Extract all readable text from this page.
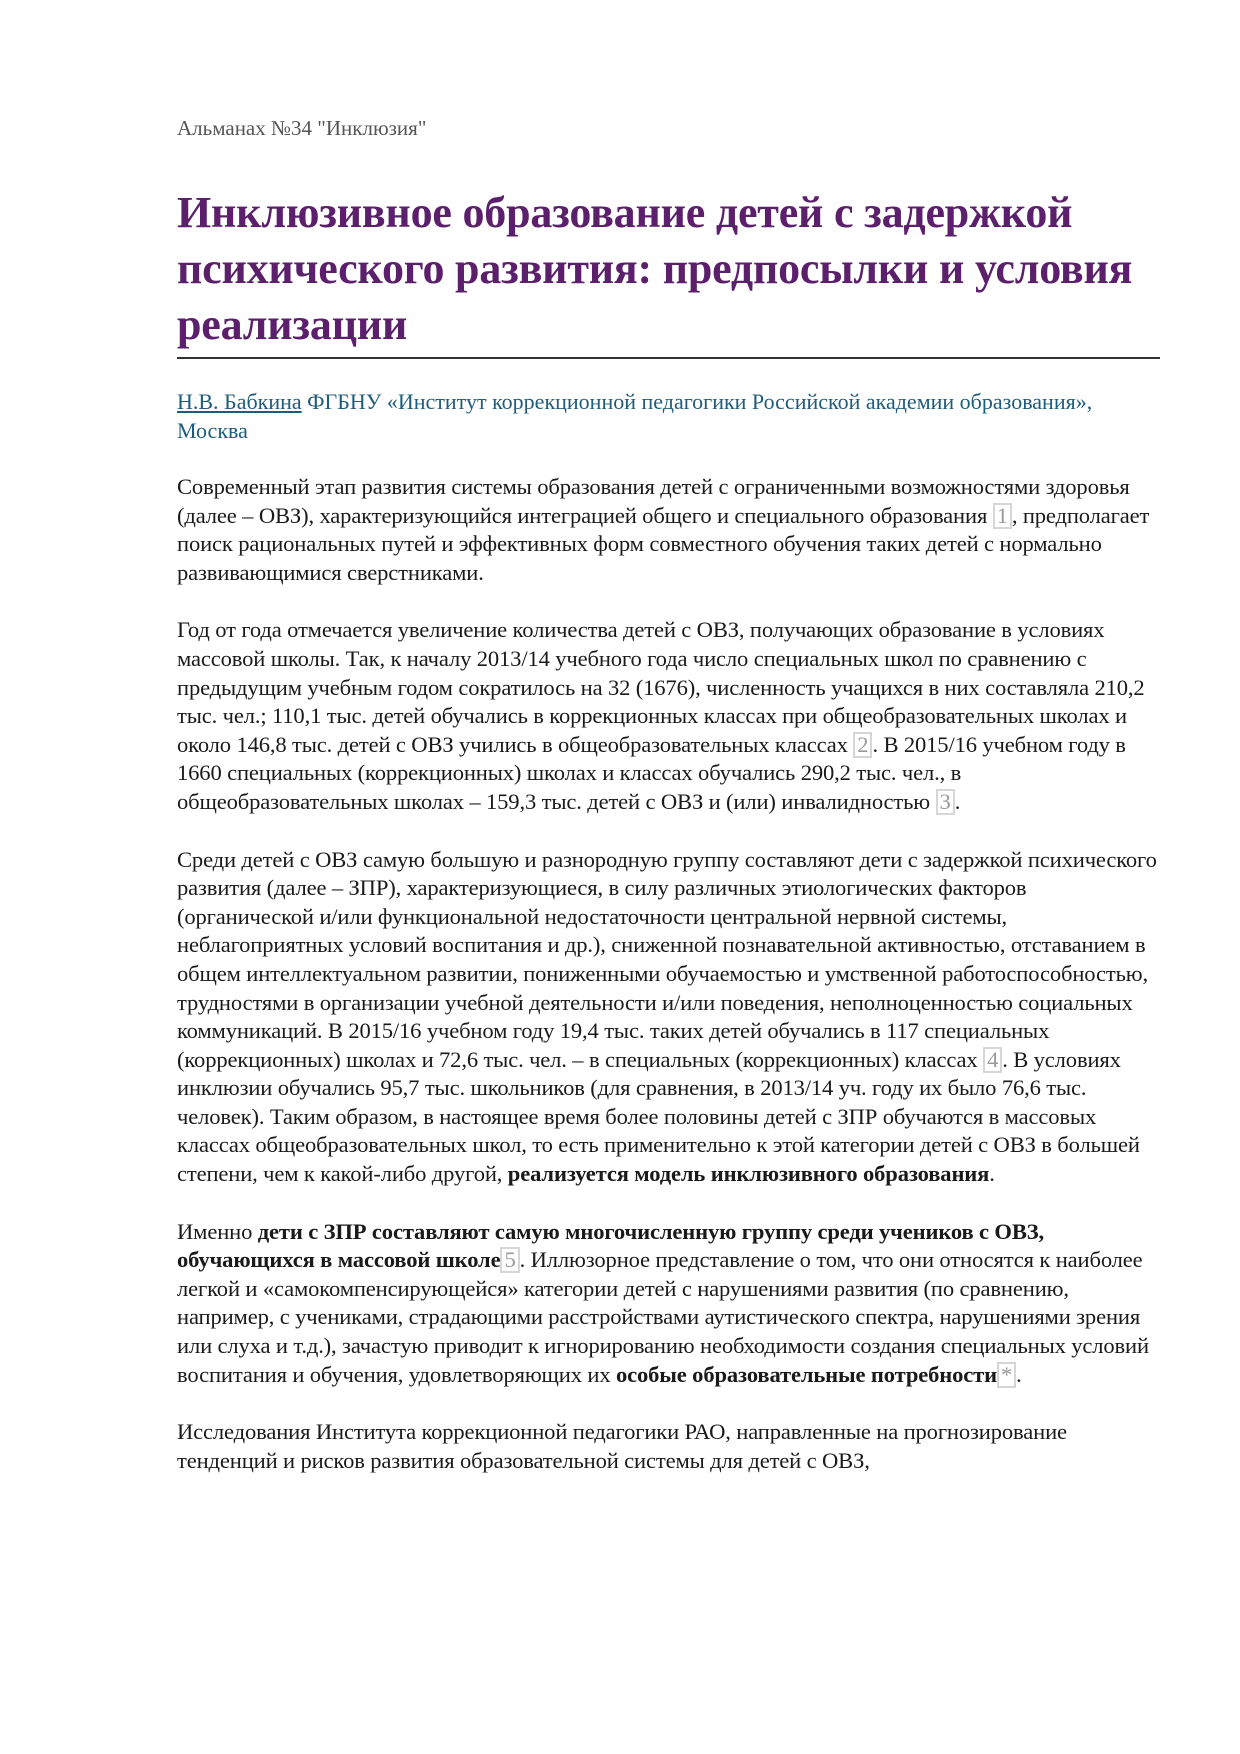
Альманах №34 "Инклюзия"

Инклюзивное образование детей с задержкой психического развития: предпосылки и условия реализации

Н.В. Бабкина ФГБНУ «Институт коррекционной педагогики Российской академии образования», Москва

Современный этап развития системы образования детей с ограниченными возможностями здоровья (далее – ОВЗ), характеризующийся интеграцией общего и специального образования 1 , предполагает поиск рациональных путей и эффективных форм совместного обучения таких детей с нормально развивающимися сверстниками.

Год от года отмечается увеличение количества детей с ОВЗ, получающих образование в условиях массовой школы. Так, к началу 2013/14 учебного года число специальных школ по сравнению с предыдущим учебным годом сократилось на 32 (1676), численность учащихся в них составляла 210,2 тыс. чел.; 110,1 тыс. детей обучались в коррекционных классах при общеобразовательных школах и около 146,8 тыс. детей с ОВЗ учились в общеобразовательных классах 2 . В 2015/16 учебном году в 1660 специальных (коррекционных) школах и классах обучались 290,2 тыс. чел., в общеобразовательных школах – 159,3 тыс. детей с ОВЗ и (или) инвалидностью 3 .

Среди детей с ОВЗ самую большую и разнородную группу составляют дети с задержкой психического развития (далее – ЗПР), характеризующиеся, в силу различных этиологических факторов (органической и/или функциональной недостаточности центральной нервной системы, неблагоприятных условий воспитания и др.), сниженной познавательной активностью, отставанием в общем интеллектуальном развитии, пониженными обучаемостью и умственной работоспособностью, трудностями в организации учебной деятельности и/или поведения, неполноценностью социальных коммуникаций. В 2015/16 учебном году 19,4 тыс. таких детей обучались в 117 специальных (коррекционных) школах и 72,6 тыс. чел. – в специальных (коррекционных) классах 4 . В условиях инклюзии обучались 95,7 тыс. школьников (для сравнения, в 2013/14 уч. году их было 76,6 тыс. человек). Таким образом, в настоящее время более половины детей с ЗПР обучаются в массовых классах общеобразовательных школ, то есть применительно к этой категории детей с ОВЗ в большей степени, чем к какой-либо другой, реализуется модель инклюзивного образования.

Именно дети с ЗПР составляют самую многочисленную группу среди учеников с ОВЗ, обучающихся в массовой школе 5 . Иллюзорное представление о том, что они относятся к наиболее легкой и «самокомпенсирующейся» категории детей с нарушениями развития (по сравнению, например, с учениками, страдающими расстройствами аутистического спектра, нарушениями зрения или слуха и т.д.), зачастую приводит к игнорированию необходимости создания специальных условий воспитания и обучения, удовлетворяющих их особые образовательные потребности * .

Исследования Института коррекционной педагогики РАО, направленные на прогнозирование тенденций и рисков развития образовательной системы для детей с ОВЗ,
